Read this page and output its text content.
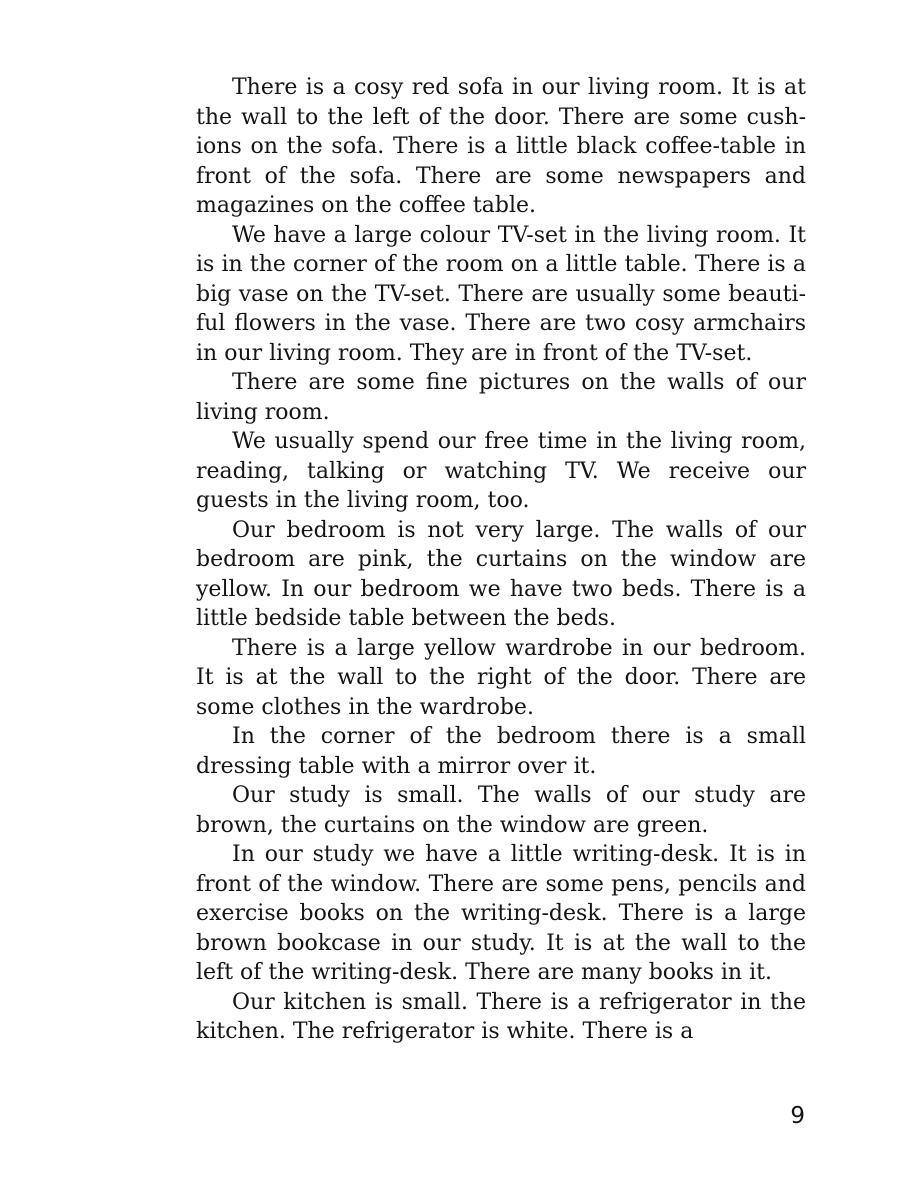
There is a cosy red sofa in our living room. It is at the wall to the left of the door. There are some cushions on the sofa. There is a little black coffee-table in front of the sofa. There are some newspapers and magazines on the coffee table.

We have a large colour TV-set in the living room. It is in the corner of the room on a little table. There is a big vase on the TV-set. There are usually some beautiful flowers in the vase. There are two cosy armchairs in our living room. They are in front of the TV-set.

There are some fine pictures on the walls of our living room.

We usually spend our free time in the living room, reading, talking or watching TV. We receive our guests in the living room, too.

Our bedroom is not very large. The walls of our bedroom are pink, the curtains on the window are yellow. In our bedroom we have two beds. There is a little bedside table between the beds.

There is a large yellow wardrobe in our bedroom. It is at the wall to the right of the door. There are some clothes in the wardrobe.

In the corner of the bedroom there is a small dressing table with a mirror over it.

Our study is small. The walls of our study are brown, the curtains on the window are green.

In our study we have a little writing-desk. It is in front of the window. There are some pens, pencils and exercise books on the writing-desk. There is a large brown bookcase in our study. It is at the wall to the left of the writing-desk. There are many books in it.

Our kitchen is small. There is a refrigerator in the kitchen. The refrigerator is white. There is a

9
